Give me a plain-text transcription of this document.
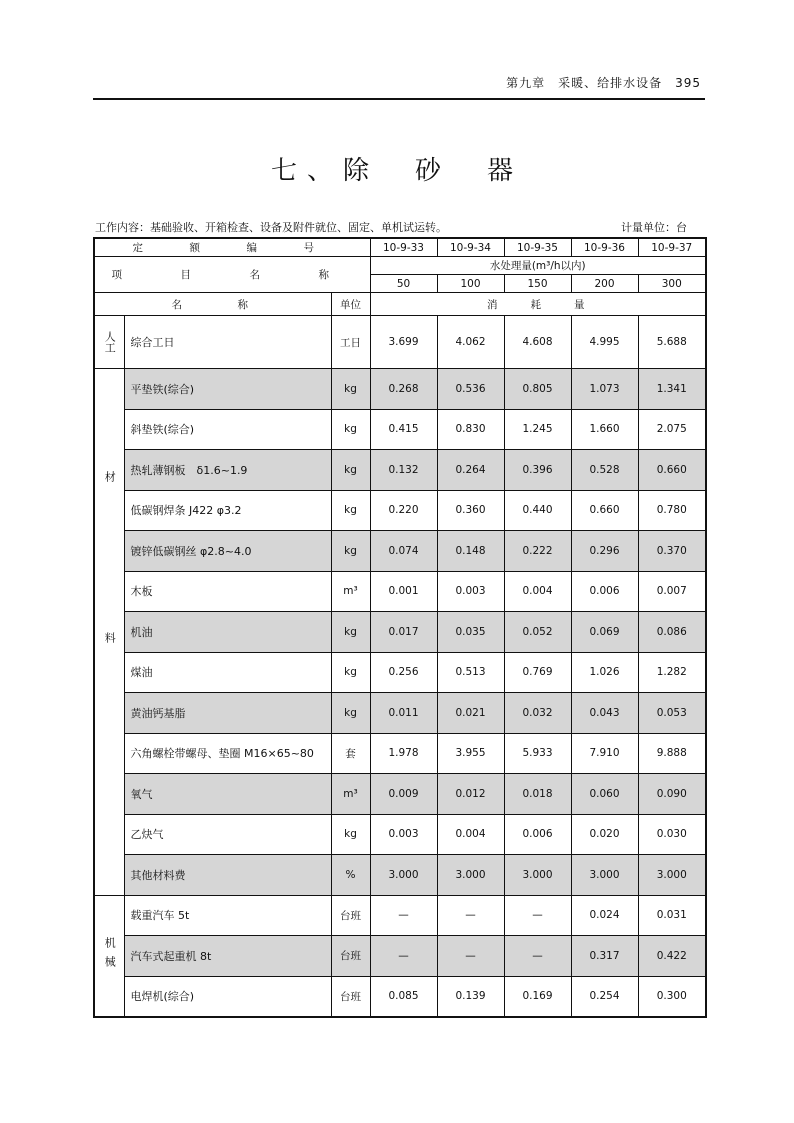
第九章　采暖、给排水设备　395
七、除　砂　器
工作内容：基础验收、开箱检查、设备及附件就位、固定、单机试运转。	计量单位：台
定　额　编　号			10-9-33	10-9-34	10-9-35	10-9-36	10-9-37
项　目　名　称			水处理量(m³/h以内)				
			50	100	150	200	300
名　　　称		单位	消　　耗　　量				
人工	综合工日	工日	3.699	4.062	4.608	4.995	5.688
材料	平垫铁(综合)	kg	0.268	0.536	0.805	1.073	1.341
	斜垫铁(综合)	kg	0.415	0.830	1.245	1.660	2.075
	热轧薄钢板　δ1.6~1.9	kg	0.132	0.264	0.396	0.528	0.660
	低碳钢焊条 J422 φ3.2	kg	0.220	0.360	0.440	0.660	0.780
	镀锌低碳钢丝 φ2.8~4.0	kg	0.074	0.148	0.222	0.296	0.370
	木板	m³	0.001	0.003	0.004	0.006	0.007
	机油	kg	0.017	0.035	0.052	0.069	0.086
	煤油	kg	0.256	0.513	0.769	1.026	1.282
	黄油钙基脂	kg	0.011	0.021	0.032	0.043	0.053
	六角螺栓带螺母、垫圈 M16×65~80	套	1.978	3.955	5.933	7.910	9.888
	氧气	m³	0.009	0.012	0.018	0.060	0.090
	乙炔气	kg	0.003	0.004	0.006	0.020	0.030
	其他材料费	%	3.000	3.000	3.000	3.000	3.000
机械	载重汽车 5t	台班	—	—	—	0.024	0.031
	汽车式起重机 8t	台班	—	—	—	0.317	0.422
	电焊机(综合)	台班	0.085	0.139	0.169	0.254	0.300
